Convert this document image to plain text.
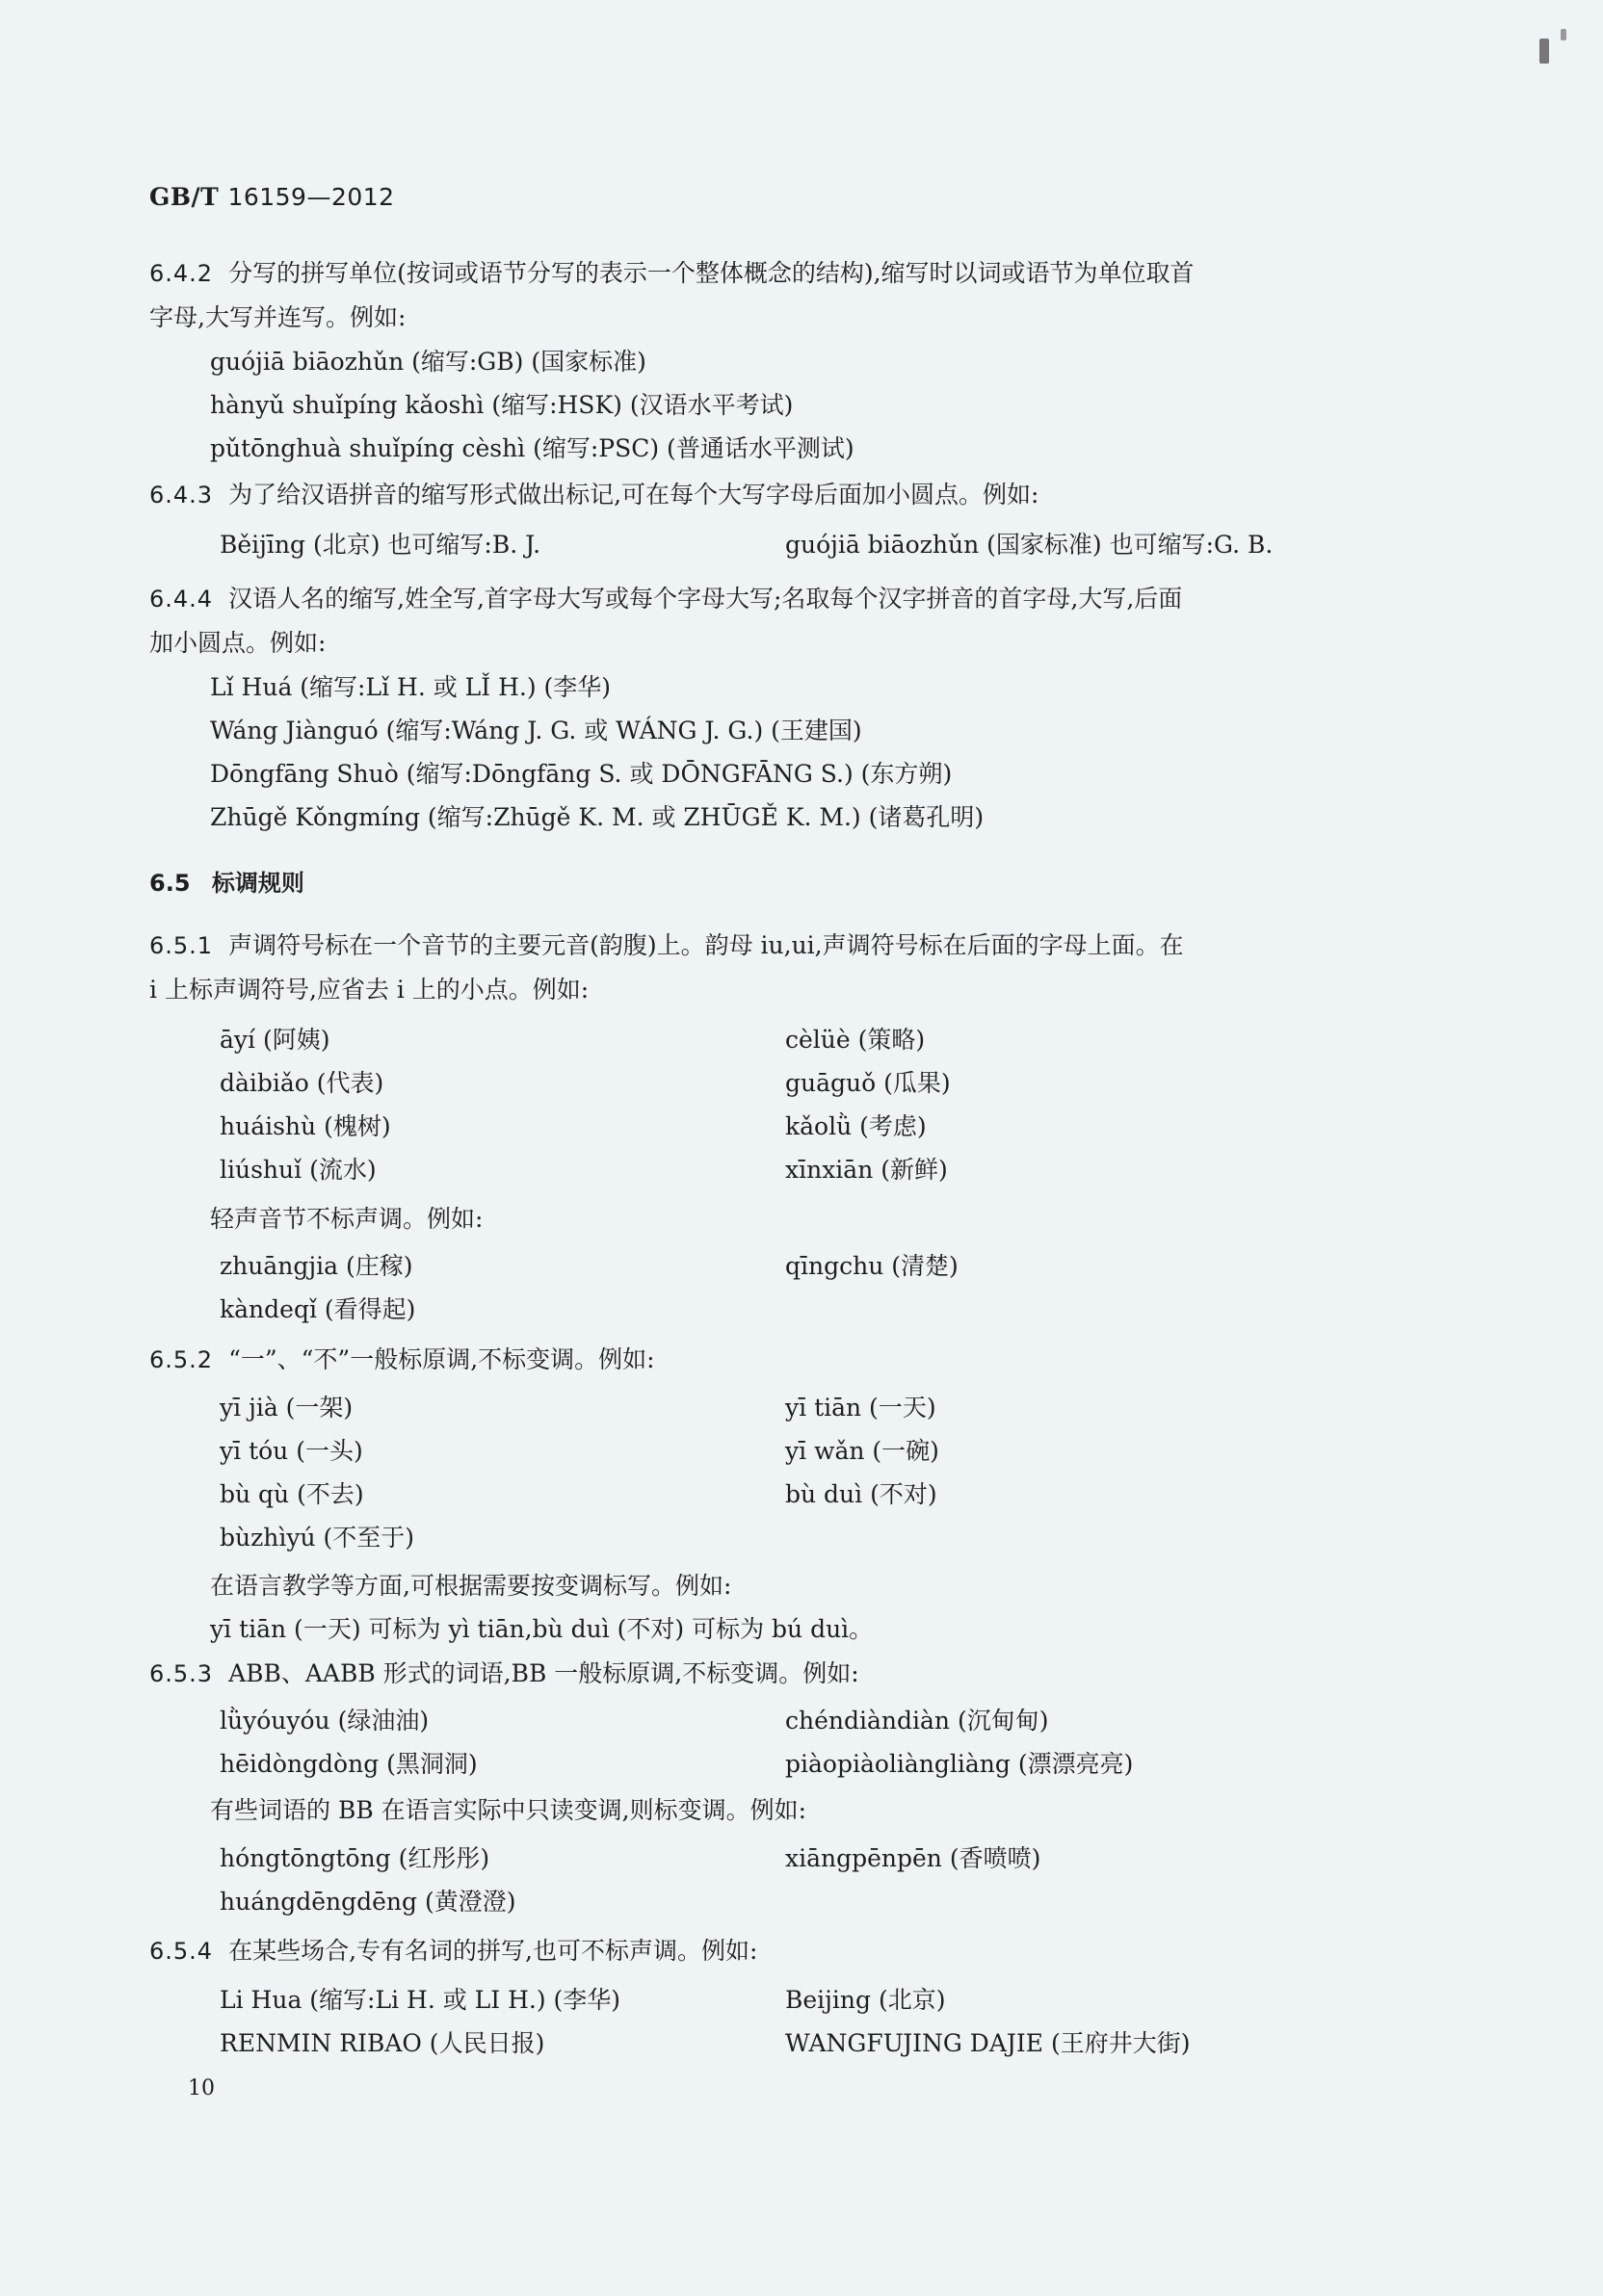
GB/T 16159—2012
6.4.2 分写的拼写单位(按词或语节分写的表示一个整体概念的结构),缩写时以词或语节为单位取首
字母,大写并连写。例如:
guójiā biāozhǔn (缩写:GB) (国家标准)
hànyǔ shuǐpíng kǎoshì (缩写:HSK) (汉语水平考试)
pǔtōnghuà shuǐpíng cèshì (缩写:PSC) (普通话水平测试)
6.4.3 为了给汉语拼音的缩写形式做出标记,可在每个大写字母后面加小圆点。例如:
Běijīng (北京) 也可缩写:B. J.	guójiā biāozhǔn (国家标准) 也可缩写:G. B.
6.4.4 汉语人名的缩写,姓全写,首字母大写或每个字母大写;名取每个汉字拼音的首字母,大写,后面
加小圆点。例如:
Lǐ Huá (缩写:Lǐ H. 或 LǏ H.) (李华)
Wáng Jiànguó (缩写:Wáng J. G. 或 WÁNG J. G.) (王建国)
Dōngfāng Shuò (缩写:Dōngfāng S. 或 DŌNGFĀNG S.) (东方朔)
Zhūgě Kǒngmíng (缩写:Zhūgě K. M. 或 ZHŪGĚ K. M.) (诸葛孔明)
6.5 标调规则
6.5.1 声调符号标在一个音节的主要元音(韵腹)上。韵母 iu,ui,声调符号标在后面的字母上面。在
i 上标声调符号,应省去 i 上的小点。例如:
āyí (阿姨)
dàibiǎo (代表)
huáishù (槐树)
liúshuǐ (流水)
cèlüè (策略)
guāguǒ (瓜果)
kǎolǜ (考虑)
xīnxiān (新鲜)
轻声音节不标声调。例如:
zhuāngjia (庄稼)
kàndeqǐ (看得起)
qīngchu (清楚)
6.5.2 “一”、“不”一般标原调,不标变调。例如:
yī jià (一架)
yī tóu (一头)
bù qù (不去)
bùzhìyú (不至于)
yī tiān (一天)
yī wǎn (一碗)
bù duì (不对)
在语言教学等方面,可根据需要按变调标写。例如:
yī tiān (一天) 可标为 yì tiān,bù duì (不对) 可标为 bú duì。
6.5.3 ABB、AABB 形式的词语,BB 一般标原调,不标变调。例如:
lǜyóuyóu (绿油油)
hēidòngdòng (黑洞洞)
chéndiàndiàn (沉甸甸)
piàopiàoliàngliàng (漂漂亮亮)
有些词语的 BB 在语言实际中只读变调,则标变调。例如:
hóngtōngtōng (红彤彤)
huángdēngdēng (黄澄澄)
xiāngpēnpēn (香喷喷)
6.5.4 在某些场合,专有名词的拼写,也可不标声调。例如:
Li Hua (缩写:Li H. 或 LI H.) (李华)
RENMIN RIBAO (人民日报)
Beijing (北京)
WANGFUJING DAJIE (王府井大街)
10
